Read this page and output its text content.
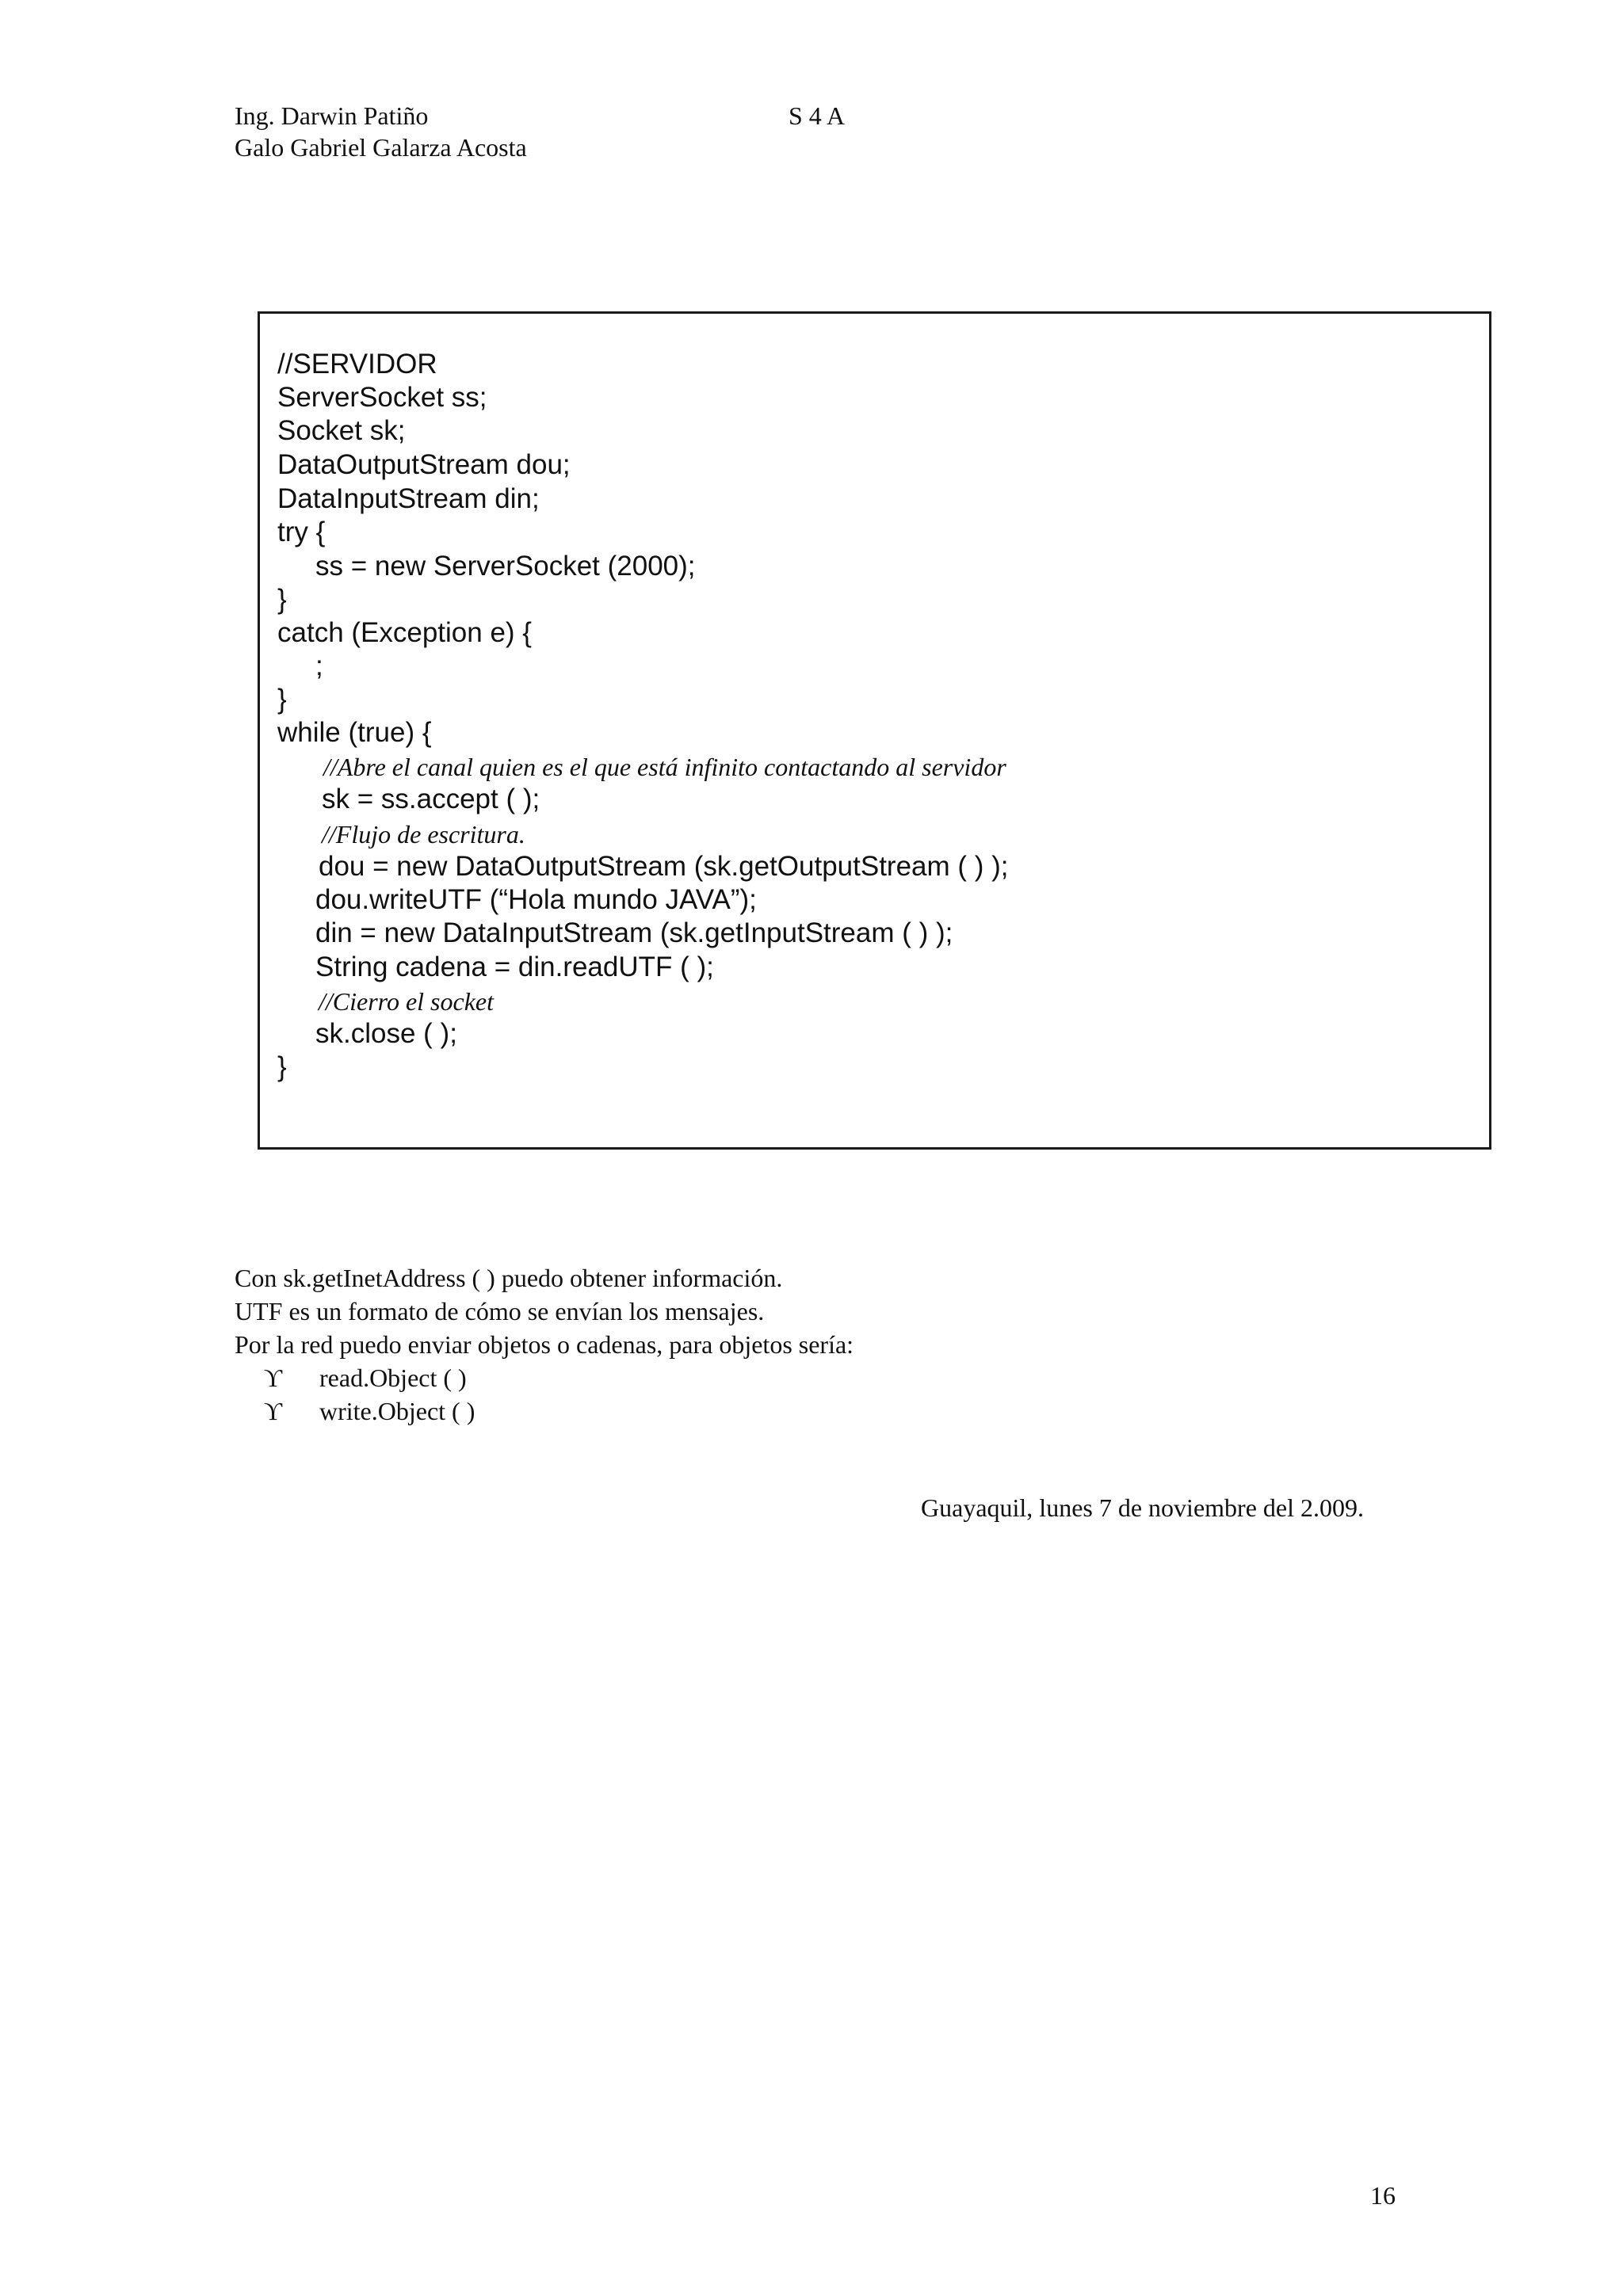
Ing. Darwin Patiño	S 4 A
Galo Gabriel Galarza Acosta
//SERVIDOR
ServerSocket ss;
Socket sk;
DataOutputStream dou;
DataInputStream din;
try {
ss = new ServerSocket (2000);
}
catch (Exception e) {
;
}
while (true) {
//Abre el canal quien es el que está infinito contactando al servidor
sk = ss.accept ( );
//Flujo de escritura.
dou = new DataOutputStream (sk.getOutputStream ( ) );
dou.writeUTF (“Hola mundo JAVA”);
din = new DataInputStream (sk.getInputStream ( ) );
String cadena = din.readUTF ( );
//Cierro el socket
sk.close ( );
}
Con sk.getInetAddress ( ) puedo obtener información.
UTF es un formato de cómo se envían los mensajes.
Por la red puedo enviar objetos o cadenas, para objetos sería:
ϒ read.Object ( )
ϒ write.Object ( )
Guayaquil, lunes 7 de noviembre del 2.009.
16
